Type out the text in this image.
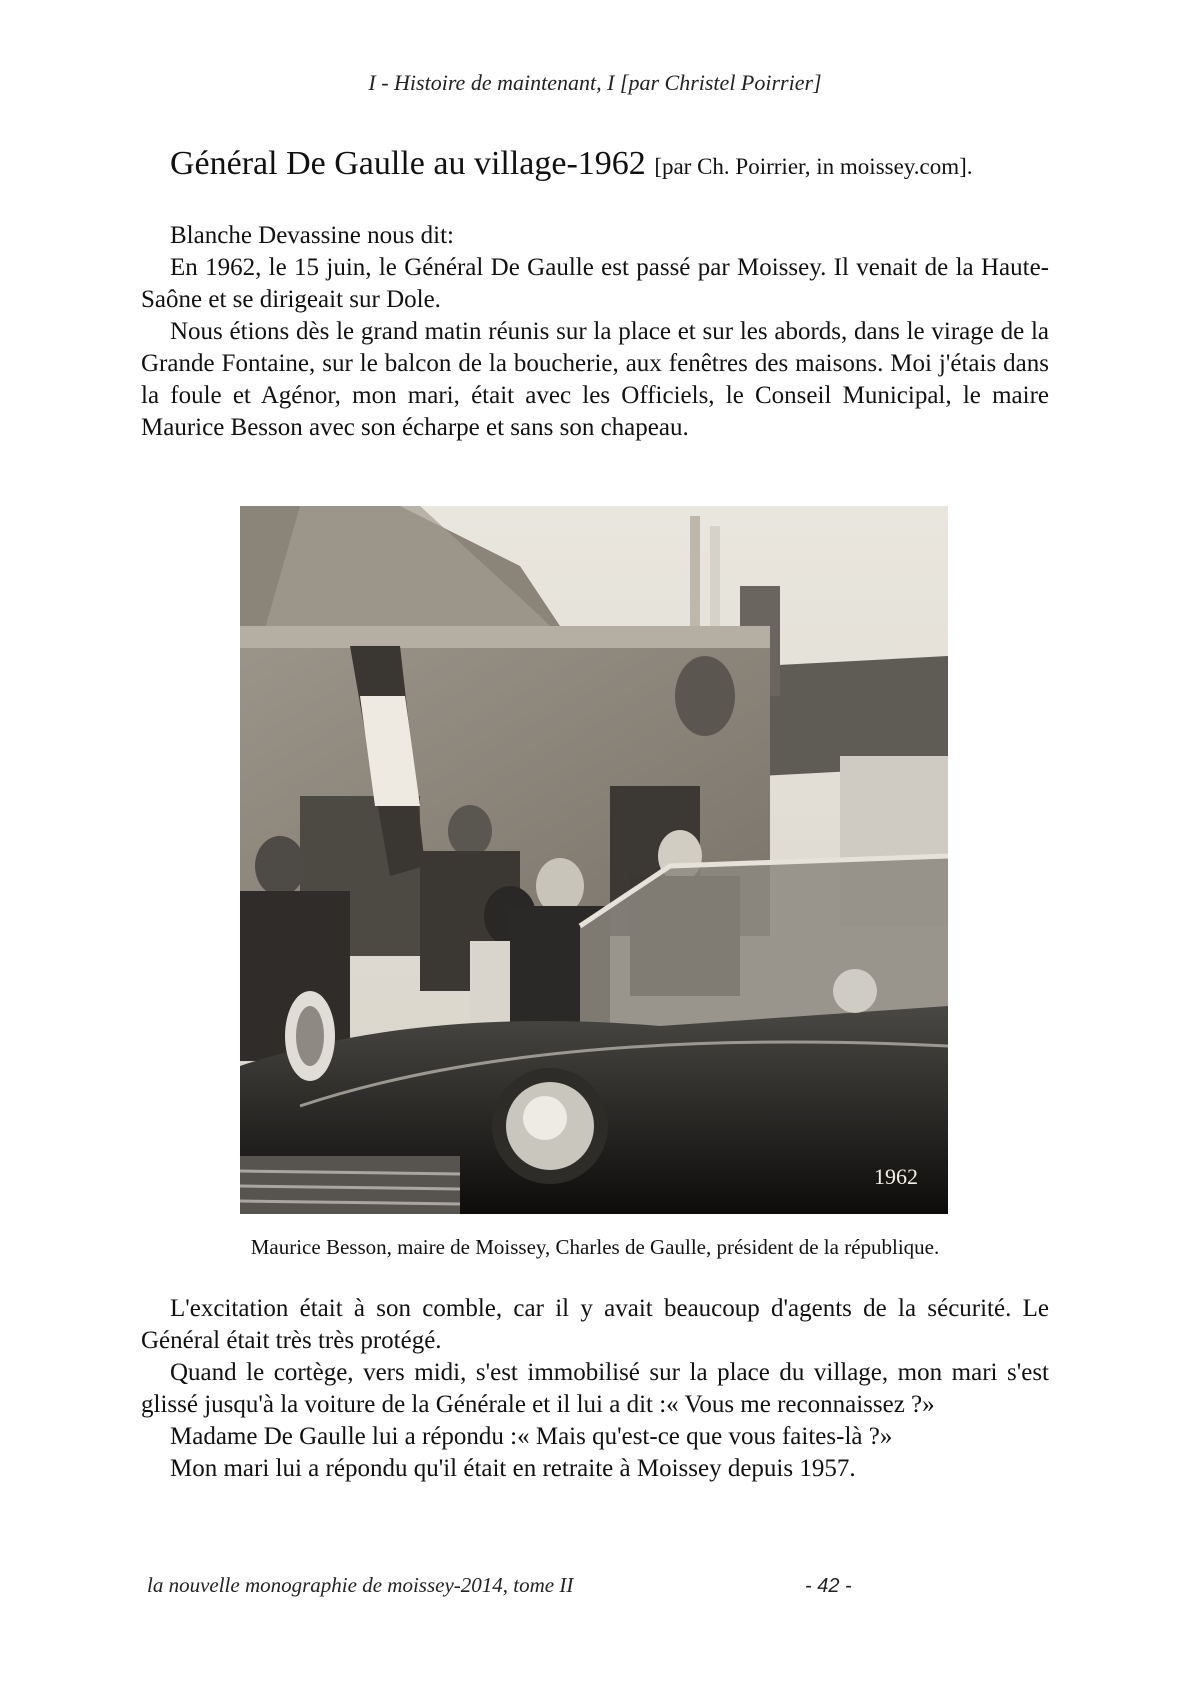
I - Histoire de maintenant, I [par Christel Poirrier]
Général De Gaulle au village-1962 [par Ch. Poirrier, in moissey.com].

Blanche Devassine nous dit:

En 1962, le 15 juin, le Général De Gaulle est passé par Moissey. Il venait de la Haute-Saône et se dirigeait sur Dole.

Nous étions dès le grand matin réunis sur la place et sur les abords, dans le virage de la Grande Fontaine, sur le balcon de la boucherie, aux fenêtres des maisons. Moi j'étais dans la foule et Agénor, mon mari, était avec les Officiels, le Conseil Municipal, le maire Maurice Besson avec son écharpe et sans son chapeau.

1962
Maurice Besson, maire de Moissey, Charles de Gaulle, président de la république.

L'excitation était à son comble, car il y avait beaucoup d'agents de la sécurité. Le Général était très très protégé.

Quand le cortège, vers midi, s'est immobilisé sur la place du village, mon mari s'est glissé jusqu'à la voiture de la Générale et il lui a dit :« Vous me reconnaissez ?»

Madame De Gaulle lui a répondu :« Mais qu'est-ce que vous faites-là ?»

Mon mari lui a répondu qu'il était en retraite à Moissey depuis 1957.

la nouvelle monographie de moissey-2014, tome II	- 42 -
